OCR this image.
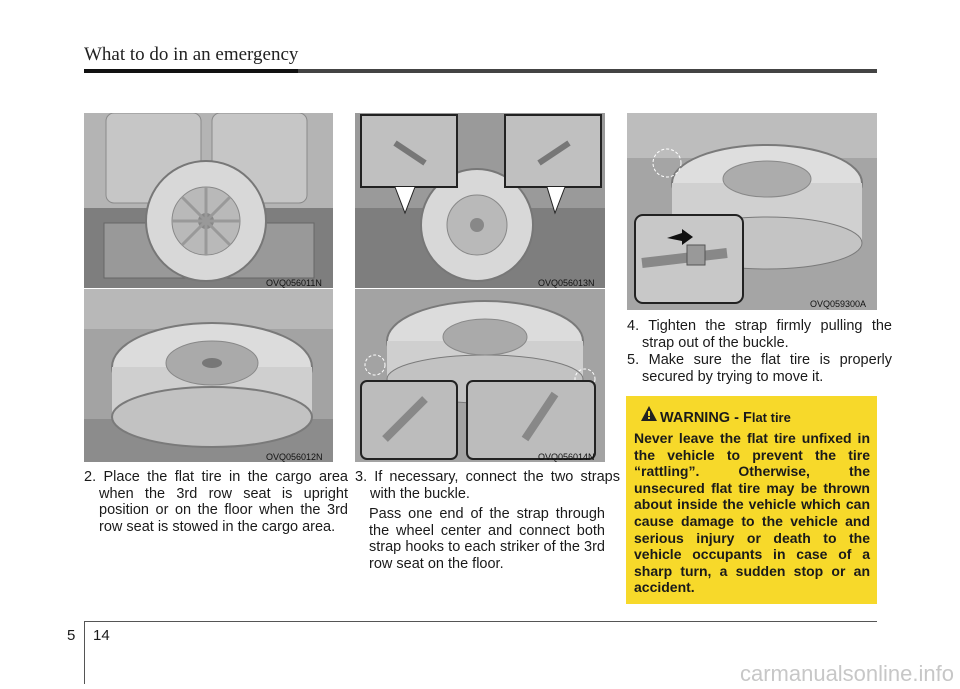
What to do in an emergency
OVQ056011N
OVQ056012N
OVQ056013N
OVQ056014N
OVQ059300A

2. Place the flat tire in the cargo area when the 3rd row seat is upright position or on the floor when the 3rd row seat is stowed in the cargo area.

3. If necessary, connect the two straps with the buckle.

Pass one end of the strap through the wheel center and connect both strap hooks to each striker of the 3rd row seat on the floor.

4. Tighten the strap firmly pulling the strap out of the buckle.

5. Make sure the flat tire is properly secured by trying to move it.

WARNING - Flat tire

Never leave the flat tire unfixed in the vehicle to prevent the tire “rattling”. Otherwise, the unsecured flat tire may be thrown about inside the vehicle which can cause damage to the vehicle and serious injury or death to the vehicle occupants in case of a sharp turn, a sudden stop or an accident.

5 14
carmanualsonline.info
